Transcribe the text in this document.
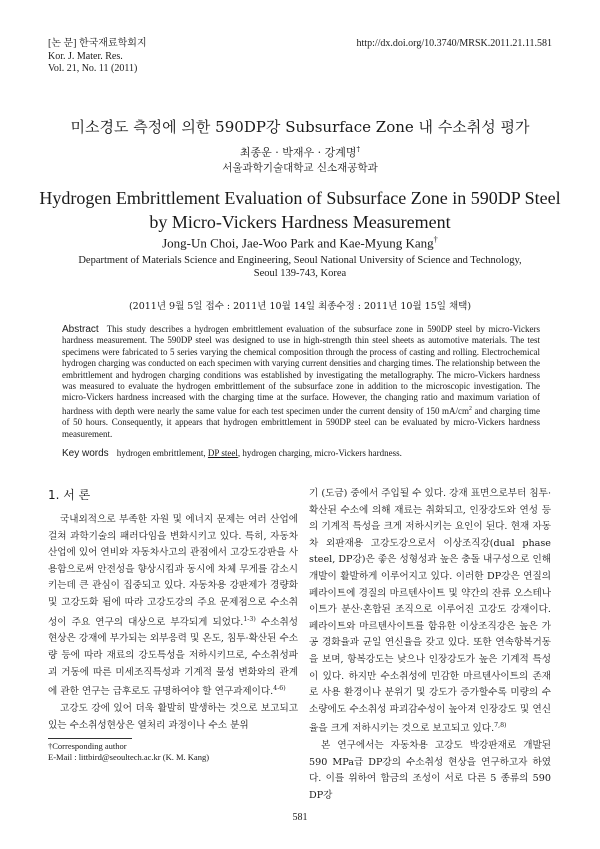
[논 문] 한국재료학회지
Kor. J. Mater. Res.
Vol. 21, No. 11 (2011)
http://dx.doi.org/10.3740/MRSK.2011.21.11.581
미소경도 측정에 의한 590DP강 Subsurface Zone 내 수소취성 평가
최종운 · 박재우 · 강계명†
서울과학기술대학교 신소재공학과
Hydrogen Embrittlement Evaluation of Subsurface Zone in 590DP Steel
by Micro-Vickers Hardness Measurement
Jong-Un Choi, Jae-Woo Park and Kae-Myung Kang†
Department of Materials Science and Engineering, Seoul National University of Science and Technology,
Seoul 139-743, Korea
(2011년 9월 5일 접수 : 2011년 10월 14일 최종수정 : 2011년 10월 15일 채택)
Abstract This study describes a hydrogen embrittlement evaluation of the subsurface zone in 590DP steel by micro-Vickers hardness measurement. The 590DP steel was designed to use in high-strength thin steel sheets as automotive materials. The test specimens were fabricated to 5 series varying the chemical composition through the process of casting and rolling. Electrochemical hydrogen charging was conducted on each specimen with varying current densities and charging times. The relationship between the embrittlement and hydrogen charging conditions was established by investigating the metallography. The micro-Vickers hardness was measured to evaluate the hydrogen embrittlement of the subsurface zone in addition to the microscopic investigation. The micro-Vickers hardness increased with the charging time at the surface. However, the changing ratio and maximum variation of hardness with depth were nearly the same value for each test specimen under the current density of 150 $mA/cm^2$ and charging time of 50 hours. Consequently, it appears that hydrogen embrittlement in 590DP steel can be evaluated by micro-Vickers hardness measurement.
Key words hydrogen embrittlement, DP steel, hydrogen charging, micro-Vickers hardness.
1. 서 론

국내외적으로 부족한 자원 및 에너지 문제는 여러 산업에 걸쳐 과학기술의 패러다임을 변화시키고 있다. 특히, 자동차산업에 있어 연비와 자동차사고의 관점에서 고강도강판을 사용함으로써 안전성을 향상시킴과 동시에 차체 무게를 감소시키는데 큰 관심이 집중되고 있다. 자동차용 강판제가 경량화 및 고강도화 됨에 따라 고강도강의 주요 문제점으로 수소취성이 주요 연구의 대상으로 부각되게 되었다.$^{1-3)}$ 수소취성 현상은 강재에 부가되는 외부응력 및 온도, 침투·확산된 수소량 등에 따라 재료의 강도특성을 저하시키므로, 수소취성파괴 거동에 따른 미세조직특성과 기계적 물성 변화와의 관계에 관한 연구는 급후로도 규명하여야 할 연구과제이다.$^{4-6)}$

고강도 강에 있어 더욱 활발히 발생하는 것으로 보고되고 있는 수소취성현상은 열처리 과정이나 수소 분위

기 (도금) 중에서 주입될 수 있다. 강재 표면으로부터 침투·확산된 수소에 의해 재료는 취화되고, 인장강도와 연성 등의 기계적 특성을 크게 저하시키는 요인이 된다. 현재 자동차 외판재용 고강도강으로서 이상조직강(dual phase steel, DP강)은 좋은 성형성과 높은 충돌 내구성으로 인해 개발이 활발하게 이루어지고 있다. 이러한 DP강은 연질의 페라이트에 경질의 마르텐사이트 및 약간의 잔류 오스테나이트가 분산·혼합된 조직으로 이루어진 고강도 강재이다. 페라이트와 마르텐사이트를 함유한 이상조직강은 높은 가공 경화율과 균일 연신율을 갖고 있다. 또한 연속항복거동을 보며, 항복강도는 낮으나 인장강도가 높은 기계적 특성이 있다. 하지만 수소취성에 민감한 마르텐사이트의 존재로 사용 환경이나 분위기 및 강도가 증가할수록 미량의 수소량에도 수소취성 파괴감수성이 높아져 인장강도 및 연신율을 크게 저하시키는 것으로 보고되고 있다.$^{7,8)}$

본 연구에서는 자동차용 고강도 박강판재로 개발된 590 MPa급 DP강의 수소취성 현상을 연구하고자 하였다. 이를 위하여 합금의 조성이 서로 다른 5 종류의 590 DP강

†Corresponding author
E-Mail : littbird@seoultech.ac.kr (K. M. Kang)
581
